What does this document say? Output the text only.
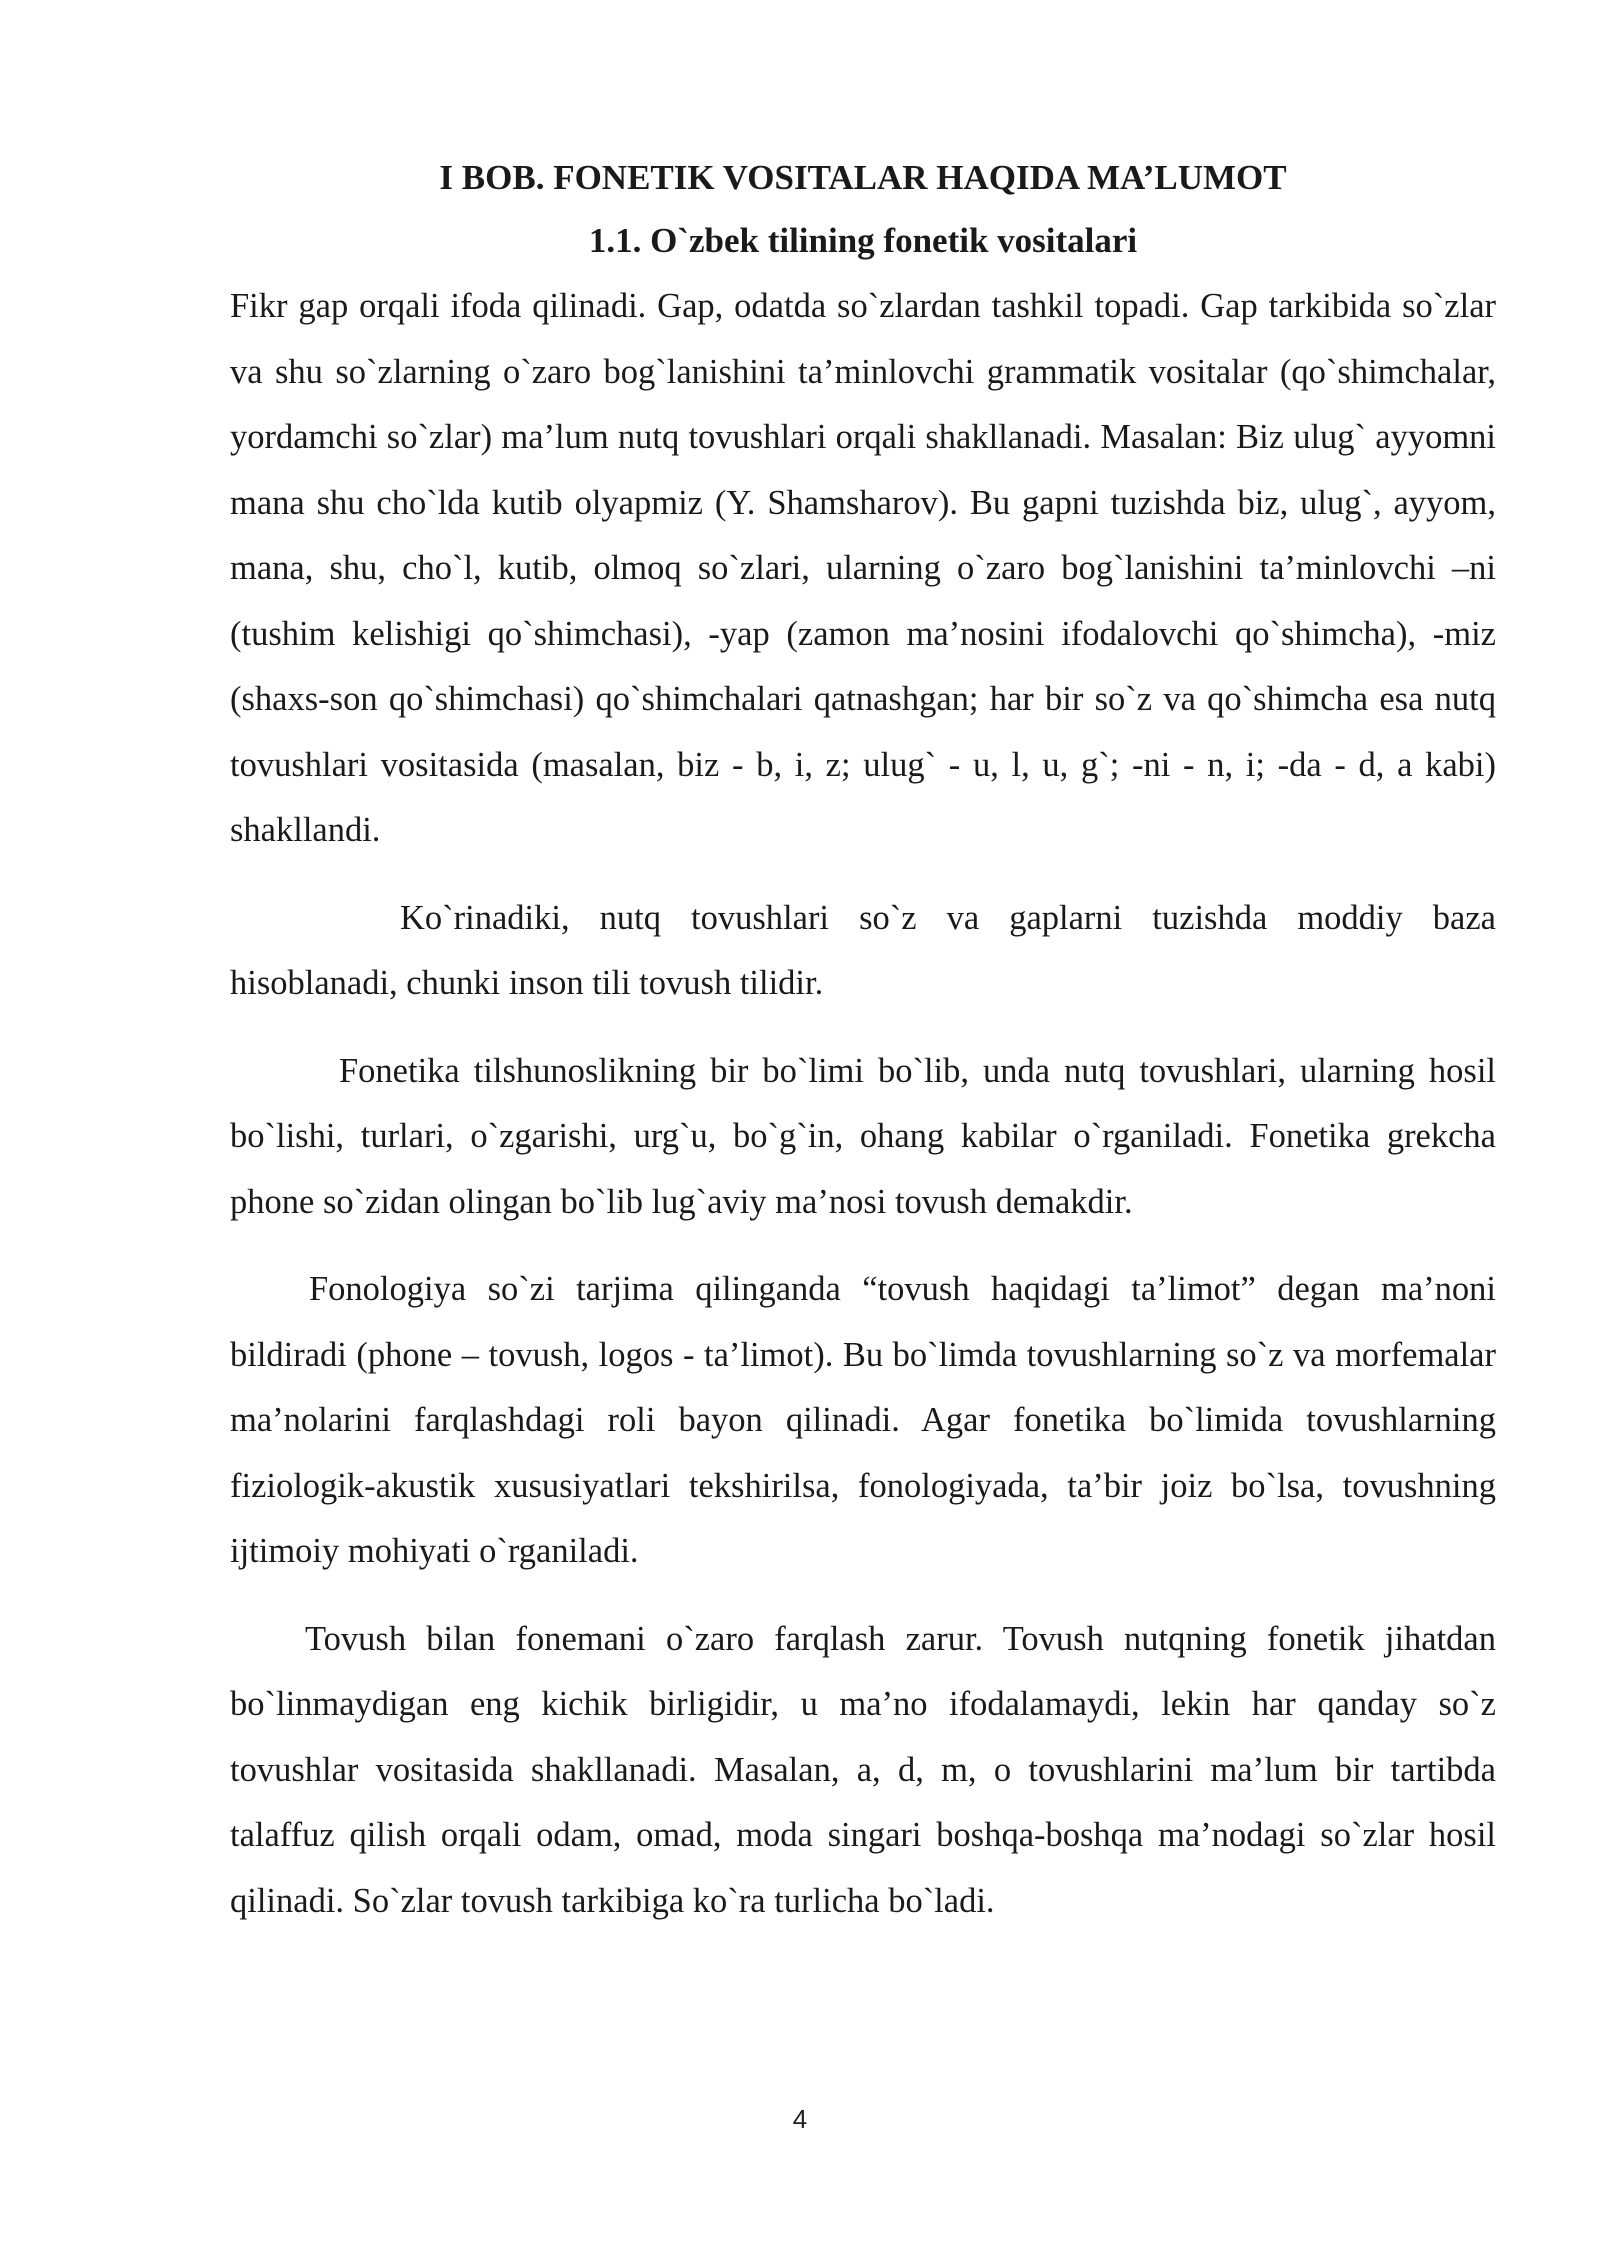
I BOB. FONETIK VOSITALAR HAQIDA MA’LUMOT
1.1. O`zbek tilining fonetik vositalari

Fikr gap orqali ifoda qilinadi. Gap, odatda so`zlardan tashkil topadi. Gap tarkibida so`zlar va shu so`zlarning o`zaro bog`lanishini ta’minlovchi grammatik vositalar (qo`shimchalar, yordamchi so`zlar) ma’lum nutq tovushlari orqali shakllanadi. Masalan: Biz ulug` ayyomni mana shu cho`lda kutib olyapmiz (Y. Shamsharov). Bu gapni tuzishda biz, ulug`, ayyom, mana, shu, cho`l, kutib, olmoq so`zlari, ularning o`zaro bog`lanishini ta’minlovchi –ni (tushim kelishigi qo`shimchasi), -yap (zamon ma’nosini ifodalovchi qo`shimcha), -miz (shaxs-son qo`shimchasi) qo`shimchalari qatnashgan; har bir so`z va qo`shimcha esa nutq tovushlari vositasida (masalan, biz - b, i, z; ulug` - u, l, u, g`; -ni - n, i; -da - d, a kabi) shakllandi.

Ko`rinadiki, nutq tovushlari so`z va gaplarni tuzishda moddiy baza hisoblanadi, chunki inson tili tovush tilidir.

Fonetika tilshunoslikning bir bo`limi bo`lib, unda nutq tovushlari, ularning hosil bo`lishi, turlari, o`zgarishi, urg`u, bo`g`in, ohang kabilar o`rganiladi. Fonetika grekcha phone so`zidan olingan bo`lib lug`aviy ma’nosi tovush demakdir.

Fonologiya so`zi tarjima qilinganda “tovush haqidagi ta’limot” degan ma’noni bildiradi (phone – tovush, logos - ta’limot). Bu bo`limda tovushlarning so`z va morfemalar ma’nolarini farqlashdagi roli bayon qilinadi. Agar fonetika bo`limida tovushlarning fiziologik-akustik xususiyatlari tekshirilsa, fonologiyada, ta’bir joiz bo`lsa, tovushning ijtimoiy mohiyati o`rganiladi.

Tovush bilan fonemani o`zaro farqlash zarur. Tovush nutqning fonetik jihatdan bo`linmaydigan eng kichik birligidir, u ma’no ifodalamaydi, lekin har qanday so`z tovushlar vositasida shakllanadi. Masalan, a, d, m, o tovushlarini ma’lum bir tartibda talaffuz qilish orqali odam, omad, moda singari boshqa-boshqa ma’nodagi so`zlar hosil qilinadi. So`zlar tovush tarkibiga ko`ra turlicha bo`ladi.

4
